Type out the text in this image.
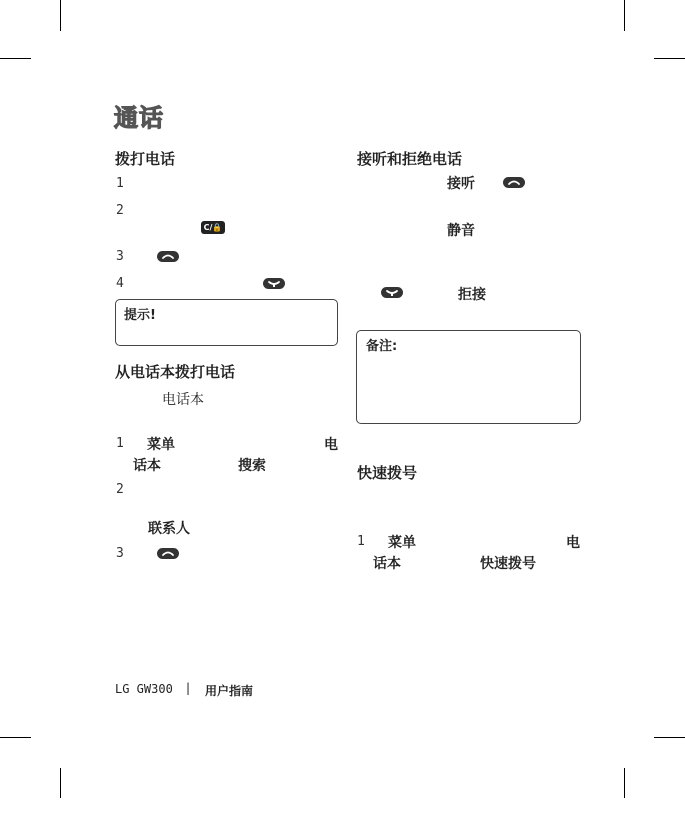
通话
拨打电话
1
2
C/🔒
3
4
提示!
从电话本拨打电话
电话本
1 菜单	电
话本	搜索
2
联系人
3
接听和拒绝电话
接听
静音
拒接
备注:
快速拨号
1 菜单	电
话本	快速拨号
LG GW300 | 用户指南
